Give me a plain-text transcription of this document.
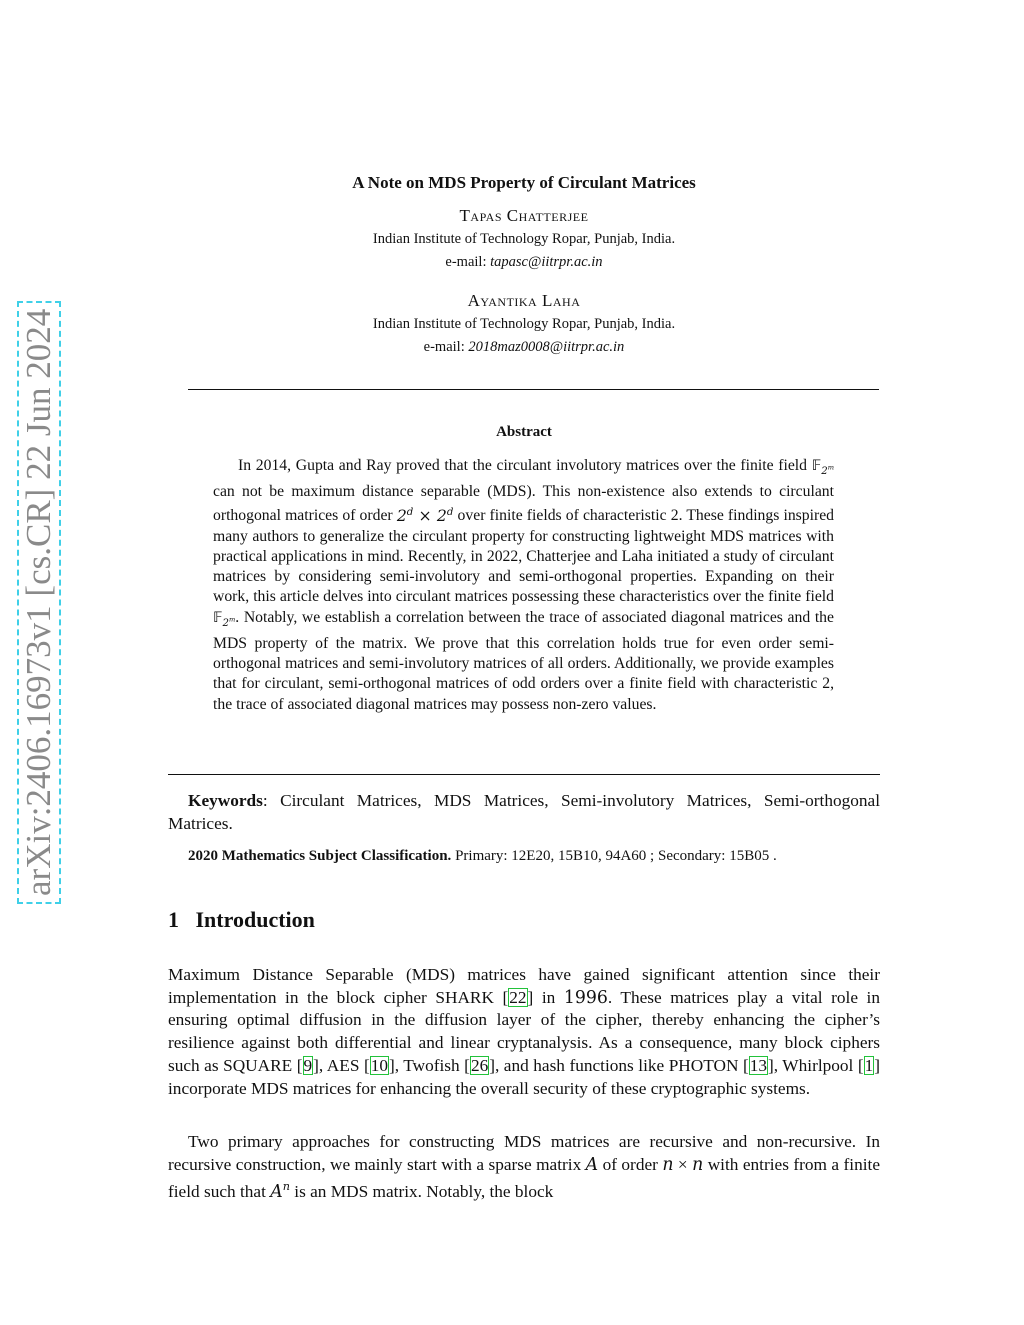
arXiv:2406.16973v1 [cs.CR] 22 Jun 2024
A Note on MDS Property of Circulant Matrices
Tapas Chatterjee
Indian Institute of Technology Ropar, Punjab, India.
e-mail: tapasc@iitrpr.ac.in
Ayantika Laha
Indian Institute of Technology Ropar, Punjab, India.
e-mail: 2018maz0008@iitrpr.ac.in
Abstract

In 2014, Gupta and Ray proved that the circulant involutory matrices over the finite field 𝔽$_{2^m}$ can not be maximum distance separable (MDS). This non-existence also extends to circulant orthogonal matrices of order $2^d \times 2^d$ over finite fields of characteristic 2. These findings inspired many authors to generalize the circulant property for constructing lightweight MDS matrices with practical applications in mind. Recently, in 2022, Chatterjee and Laha initiated a study of circulant matrices by considering semi-involutory and semi-orthogonal properties. Expanding on their work, this article delves into circulant matrices possessing these characteristics over the finite field 𝔽$_{2^m}$. Notably, we establish a correlation between the trace of associated diagonal matrices and the MDS property of the matrix. We prove that this correlation holds true for even order semi-orthogonal matrices and semi-involutory matrices of all orders. Additionally, we provide examples that for circulant, semi-orthogonal matrices of odd orders over a finite field with characteristic 2, the trace of associated diagonal matrices may possess non-zero values.

Keywords: Circulant Matrices, MDS Matrices, Semi-involutory Matrices, Semi-orthogonal Matrices.
2020 Mathematics Subject Classification. Primary: 12E20, 15B10, 94A60 ; Secondary: 15B05 .
1 Introduction

Maximum Distance Separable (MDS) matrices have gained significant attention since their implementation in the block cipher SHARK [22] in 1996. These matrices play a vital role in ensuring optimal diffusion in the diffusion layer of the cipher, thereby enhancing the cipher’s resilience against both differential and linear cryptanalysis. As a consequence, many block ciphers such as SQUARE [9], AES [10], Twofish [26], and hash functions like PHOTON [13], Whirlpool [1] incorporate MDS matrices for enhancing the overall security of these cryptographic systems.

Two primary approaches for constructing MDS matrices are recursive and non-recursive. In recursive construction, we mainly start with a sparse matrix A of order n × n with entries from a finite field such that $A^n$ is an MDS matrix. Notably, the block
